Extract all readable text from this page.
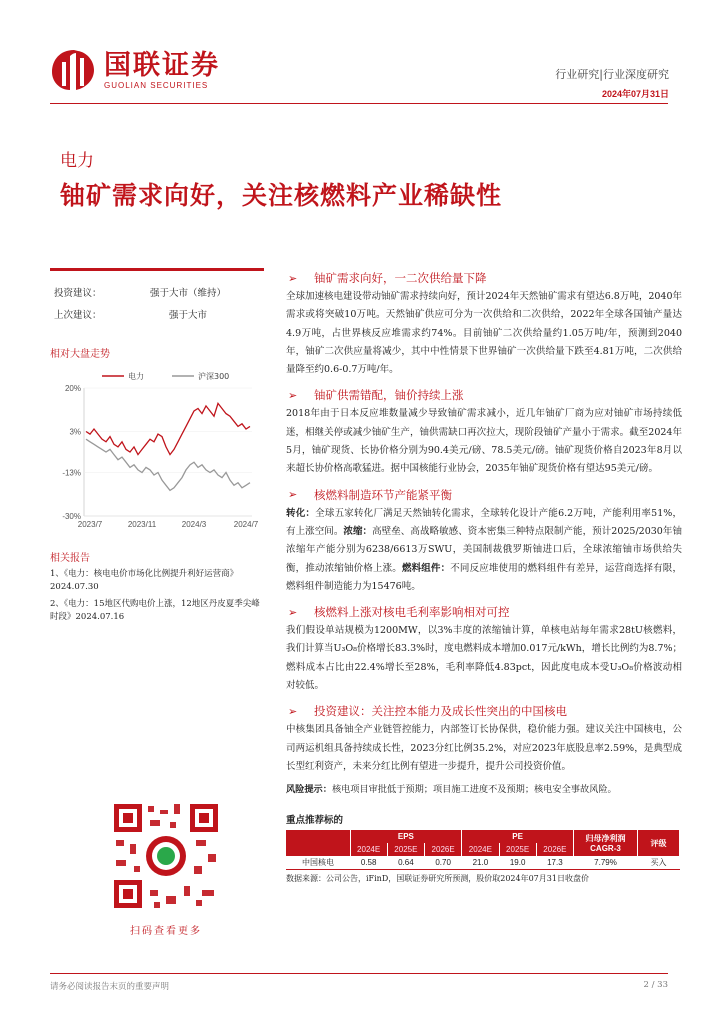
国联证券
GUOLIAN SECURITIES
行业研究|行业深度研究
2024年07月31日
电力
铀矿需求向好，关注核燃料产业稀缺性
投资建议：	强于大市（维持）
上次建议：	强于大市
相对大盘走势
20%
3%
-13%
-30%
2023/7	2023/11	2024/3	2024/7
电力	沪深300
相关报告
1、《电力：核电电价市场化比例提升利好运营商》2024.07.30
2、《电力：15地区代购电价上涨，12地区丹皮夏季尖峰时段》2024.07.16
扫码查看更多
➢	铀矿需求向好，一二次供给量下降
全球加速核电建设带动铀矿需求持续向好，预计2024年天然铀矿需求有望达6.8万吨，2040年需求或将突破10万吨。天然铀矿供应可分为一次供给和二次供给，2022年全球各国铀产量达4.9万吨，占世界核反应堆需求约74%。目前铀矿二次供给量约1.05万吨/年，预测到2040年，铀矿二次供应量将减少，其中中性情景下世界铀矿一次供给量下跌至4.81万吨，二次供给量降至约0.6-0.7万吨/年。
➢	铀矿供需错配，铀价持续上涨
2018年由于日本反应堆数量减少导致铀矿需求减小，近几年铀矿厂商为应对铀矿市场持续低迷，相继关停或减少铀矿生产，铀供需缺口再次拉大，现阶段铀矿产量小于需求。截至2024年5月，铀矿现货、长协价格分别为90.4美元/磅、78.5美元/磅。铀矿现货价格自2023年8月以来超长协价格高歌猛进。据中国核能行业协会，2035年铀矿现货价格有望达95美元/磅。
➢	核燃料制造环节产能紧平衡
转化：全球五家转化厂满足天然铀转化需求，全球转化设计产能6.2万吨，产能利用率51%，有上涨空间。浓缩：高壁垒、高战略敏感、资本密集三种特点限制产能，预计2025/2030年铀浓缩年产能分别为6238/6613万SWU，美国制裁俄罗斯铀进口后，全球浓缩铀市场供给失衡，推动浓缩铀价格上涨。燃料组件：不同反应堆使用的燃料组件有差异，运营商选择有限，燃料组件制造能力为15476吨。
➢	核燃料上涨对核电毛利率影响相对可控
我们假设单站规模为1200MW，以3%丰度的浓缩铀计算，单核电站每年需求28tU核燃料，我们计算当U₃O₈价格增长83.3%时，度电燃料成本增加0.017元/kWh，增长比例约为8.7%；燃料成本占比由22.4%增长至28%，毛利率降低4.83pct，因此度电成本受U₃O₈价格波动相对较低。
➢	投资建议：关注控本能力及成长性突出的中国核电
中核集团具备铀全产业链管控能力，内部签订长协保供，稳价能力强。建议关注中国核电，公司两运机组具备持续成长性，2023分红比例35.2%，对应2023年底股息率2.59%，是典型成长型红利资产，未来分红比例有望进一步提升，提升公司投资价值。
风险提示：核电项目审批低于预期；项目施工进度不及预期；核电安全事故风险。
重点推荐标的
	EPS			PE			归母净利润CAGR-3	评级
	2024E	2025E	2026E	2024E	2025E	2026E		
中国核电	0.58	0.64	0.70	21.0	19.0	17.3	7.79%	买入
数据来源：公司公告，iFinD，国联证券研究所预测，股价取2024年07月31日收盘价
请务必阅读报告末页的重要声明	2 / 33
